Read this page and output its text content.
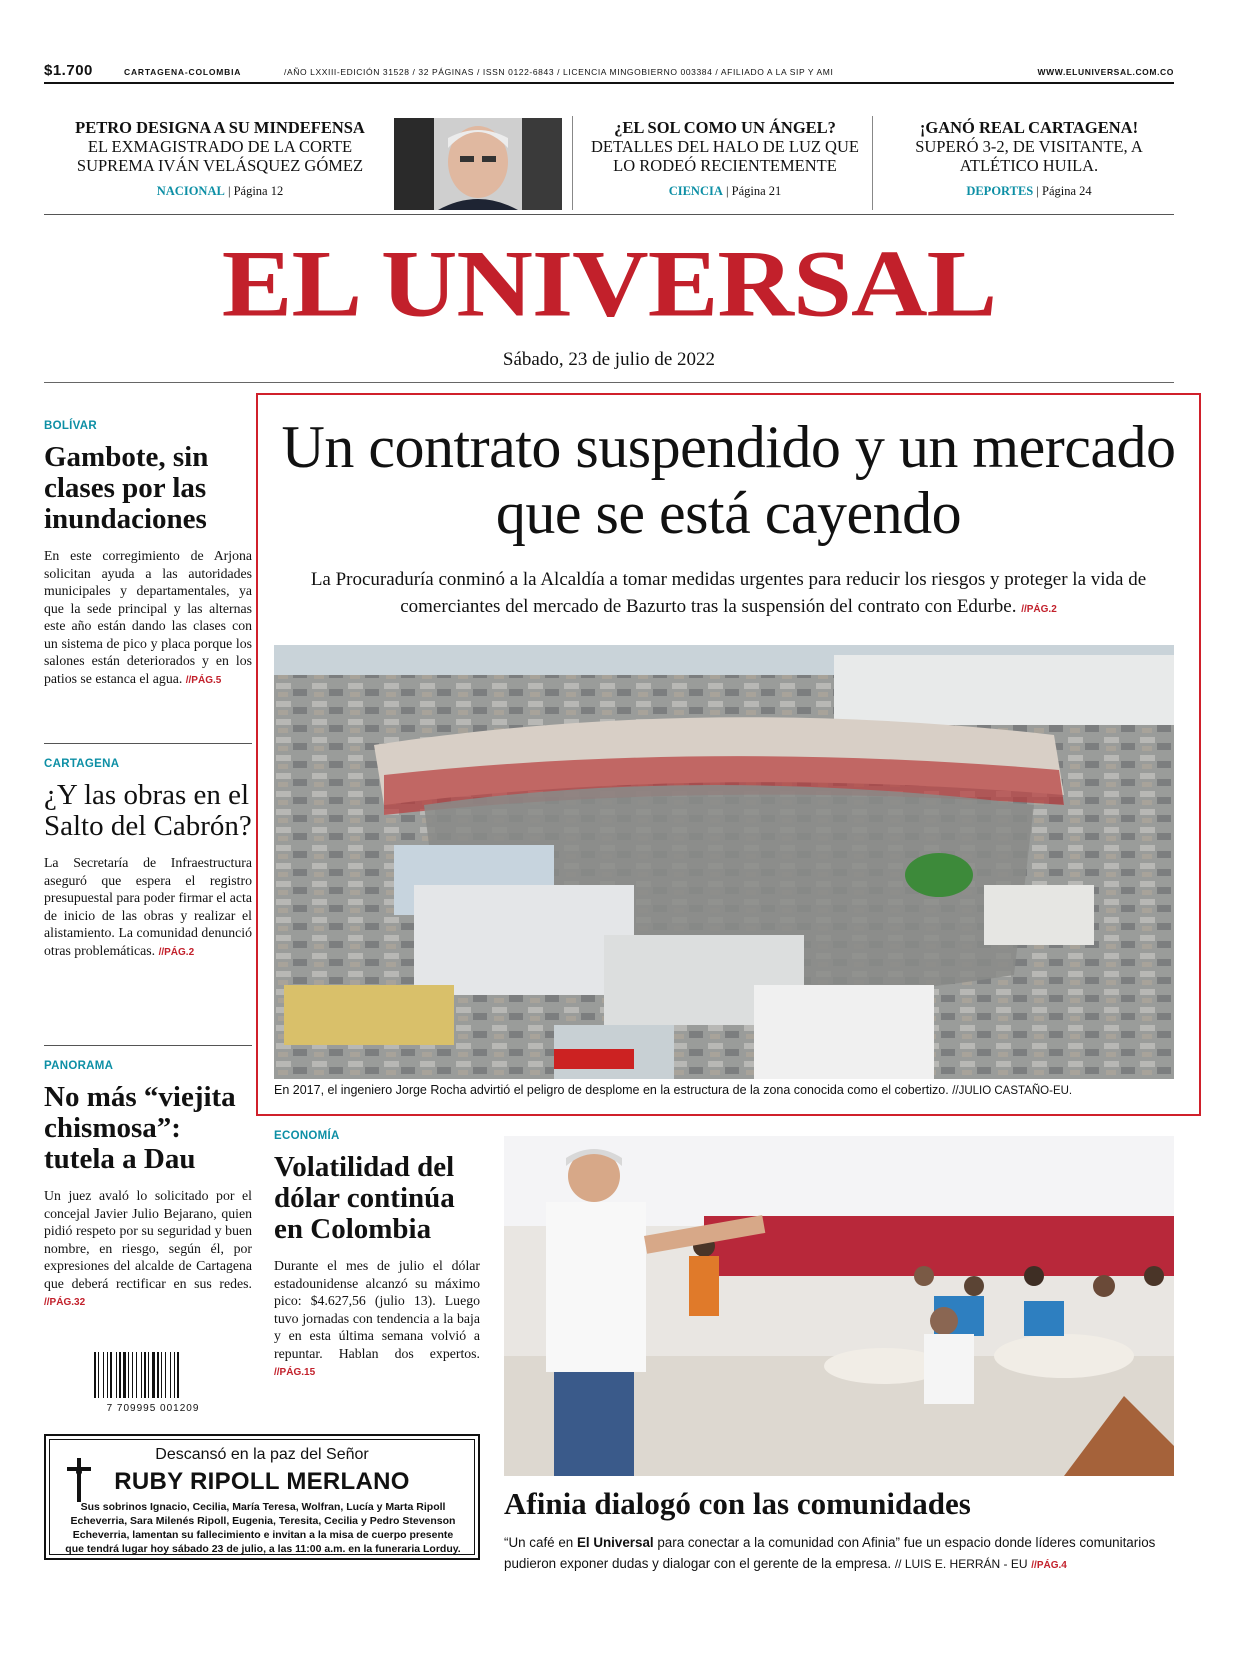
$1.700	CARTAGENA-COLOMBIA	/AÑO LXXIII-EDICIÓN 31528 / 32 PÁGINAS / ISSN 0122-6843 / LICENCIA MINGOBIERNO 003384 / AFILIADO A LA SIP Y AMI	WWW.ELUNIVERSAL.COM.CO
PETRO DESIGNA A SU MINDEFENSA

EL EXMAGISTRADO DE LA CORTE SUPREMA IVÁN VELÁSQUEZ GÓMEZ

NACIONAL | Página 12
¿EL SOL COMO UN ÁNGEL?

DETALLES DEL HALO DE LUZ QUE LO RODEÓ RECIENTEMENTE

CIENCIA | Página 21
¡GANÓ REAL CARTAGENA!

SUPERÓ 3-2, DE VISITANTE, A ATLÉTICO HUILA.

DEPORTES | Página 24
EL UNIVERSAL
Sábado, 23 de julio de 2022
BOLÍVAR
Gambote, sin clases por las inundaciones
En este corregimiento de Arjona solicitan ayuda a las autoridades municipales y departamentales, ya que la sede principal y las alternas este año están dando las clases con un sistema de pico y placa porque los salones están deteriorados y en los patios se estanca el agua. //PÁG.5
CARTAGENA
¿Y las obras en el Salto del Cabrón?
La Secretaría de Infraestructura aseguró que espera el registro presupuestal para poder firmar el acta de inicio de las obras y realizar el alistamiento. La comunidad denunció otras problemáticas. //PÁG.2
PANORAMA
No más “viejita chismosa”: tutela a Dau
Un juez avaló lo solicitado por el concejal Javier Julio Bejarano, quien pidió respeto por su seguridad y buen nombre, en riesgo, según él, por expresiones del alcalde de Cartagena que deberá rectificar en sus redes. //PÁG.32
7 709995 001209
Descansó en la paz del Señor
RUBY RIPOLL MERLANO
Sus sobrinos Ignacio, Cecilia, María Teresa, Wolfran, Lucía y Marta Ripoll Echeverria, Sara Milenés Ripoll, Eugenia, Teresita, Cecilia y Pedro Stevenson Echeverria, lamentan su fallecimiento e invitan a la misa de cuerpo presente que tendrá lugar hoy sábado 23 de julio, a las 11:00 a.m. en la funeraria Lorduy.
Un contrato suspendido y un mercado que se está cayendo
La Procuraduría conminó a la Alcaldía a tomar medidas urgentes para reducir los riesgos y proteger la vida de comerciantes del mercado de Bazurto tras la suspensión del contrato con Edurbe. //PÁG.2
En 2017, el ingeniero Jorge Rocha advirtió el peligro de desplome en la estructura de la zona conocida como el cobertizo. //JULIO CASTAÑO-EU.
ECONOMÍA
Volatilidad del dólar continúa en Colombia
Durante el mes de julio el dólar estadounidense alcanzó su máximo pico: $4.627,56 (julio 13). Luego tuvo jornadas con tendencia a la baja y en esta última semana volvió a repuntar. Hablan dos expertos. //PÁG.15
Afinia dialogó con las comunidades
“Un café en El Universal para conectar a la comunidad con Afinia” fue un espacio donde líderes comunitarios pudieron exponer dudas y dialogar con el gerente de la empresa. // LUIS E. HERRÁN - EU //PÁG.4
